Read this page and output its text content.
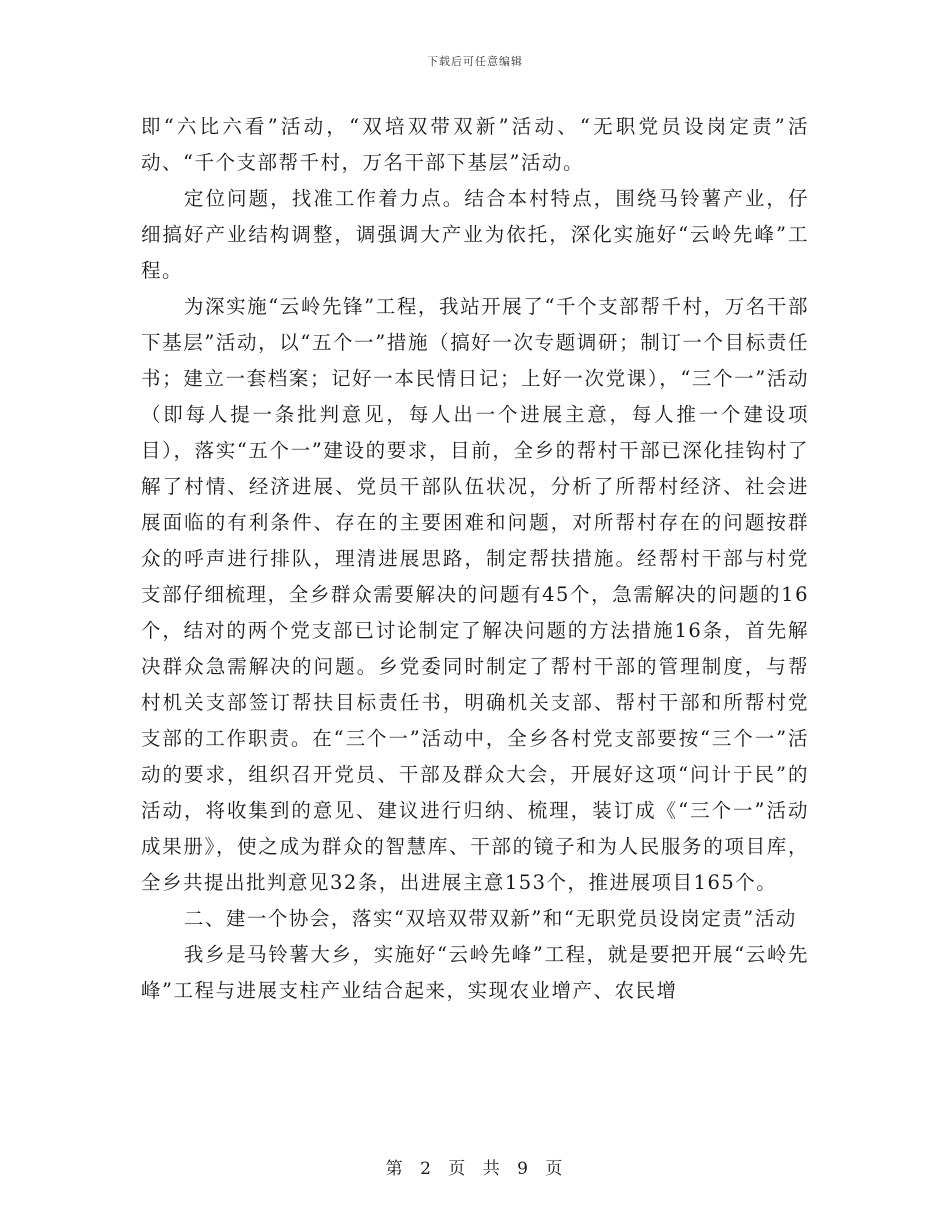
下载后可任意编辑

即“六比六看”活动，“双培双带双新”活动、“无职党员设岗定责”活动、“千个支部帮千村，万名干部下基层”活动。

定位问题，找准工作着力点。结合本村特点，围绕马铃薯产业，仔细搞好产业结构调整，调强调大产业为依托，深化实施好“云岭先峰”工程。

为深实施“云岭先锋”工程，我站开展了“千个支部帮千村，万名干部下基层”活动，以“五个一”措施（搞好一次专题调研；制订一个目标责任书；建立一套档案；记好一本民情日记；上好一次党课），“三个一”活动（即每人提一条批判意见，每人出一个进展主意，每人推一个建设项目），落实“五个一”建设的要求，目前，全乡的帮村干部已深化挂钩村了解了村情、经济进展、党员干部队伍状况，分析了所帮村经济、社会进展面临的有利条件、存在的主要困难和问题，对所帮村存在的问题按群众的呼声进行排队，理清进展思路，制定帮扶措施。经帮村干部与村党支部仔细梳理，全乡群众需要解决的问题有45个，急需解决的问题的16个，结对的两个党支部已讨论制定了解决问题的方法措施16条，首先解决群众急需解决的问题。乡党委同时制定了帮村干部的管理制度，与帮村机关支部签订帮扶目标责任书，明确机关支部、帮村干部和所帮村党支部的工作职责。在“三个一”活动中，全乡各村党支部要按“三个一”活动的要求，组织召开党员、干部及群众大会，开展好这项“问计于民”的活动，将收集到的意见、建议进行归纳、梳理，装订成《“三个一”活动成果册》，使之成为群众的智慧库、干部的镜子和为人民服务的项目库，全乡共提出批判意见32条，出进展主意153个，推进展项目165个。

二、建一个协会，落实“双培双带双新”和“无职党员设岗定责”活动

我乡是马铃薯大乡，实施好“云岭先峰”工程，就是要把开展“云岭先峰”工程与进展支柱产业结合起来，实现农业增产、农民增

第 2 页 共 9 页
